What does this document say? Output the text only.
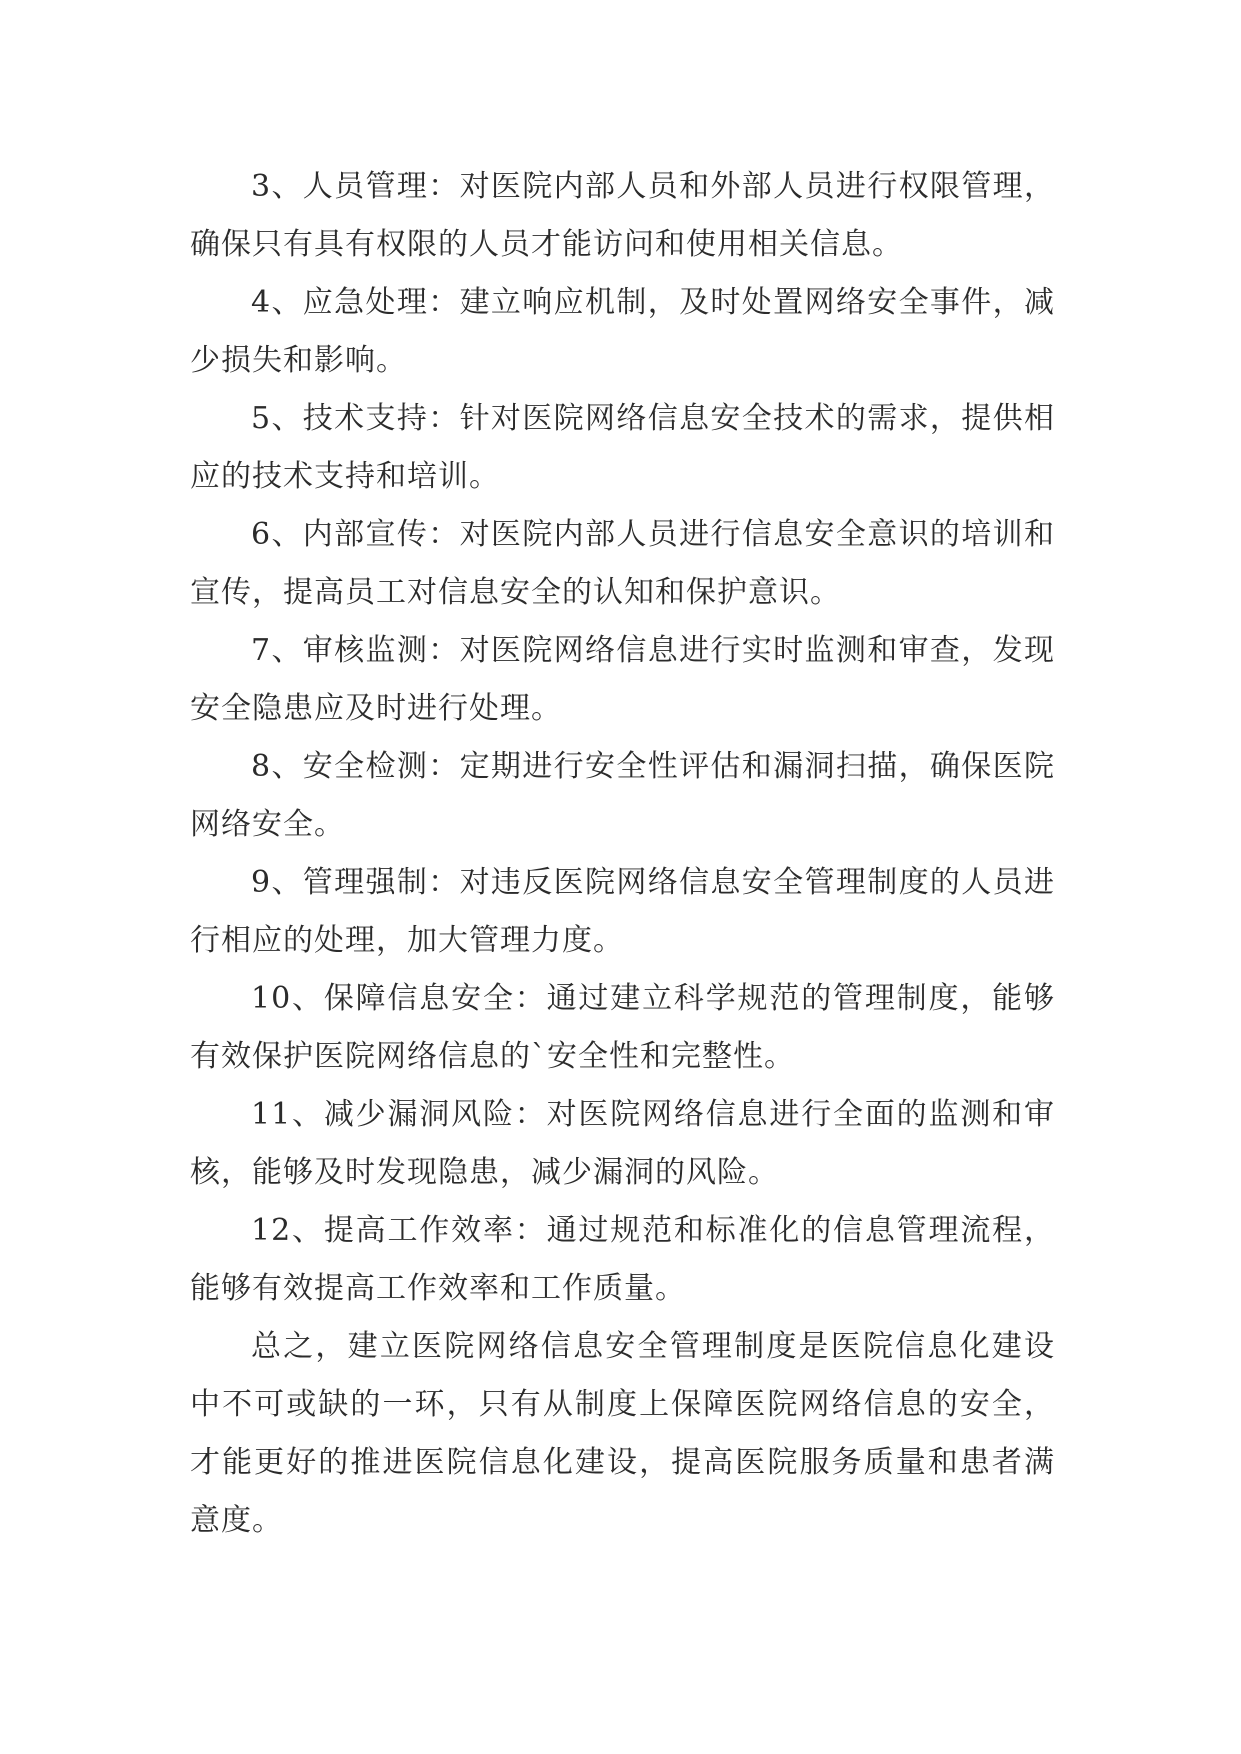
3、人员管理：对医院内部人员和外部人员进行权限管理，确保只有具有权限的人员才能访问和使用相关信息。

4、应急处理：建立响应机制，及时处置网络安全事件，减少损失和影响。

5、技术支持：针对医院网络信息安全技术的需求，提供相应的技术支持和培训。

6、内部宣传：对医院内部人员进行信息安全意识的培训和宣传，提高员工对信息安全的认知和保护意识。

7、审核监测：对医院网络信息进行实时监测和审查，发现安全隐患应及时进行处理。

8、安全检测：定期进行安全性评估和漏洞扫描，确保医院网络安全。

9、管理强制：对违反医院网络信息安全管理制度的人员进行相应的处理，加大管理力度。

10、保障信息安全：通过建立科学规范的管理制度，能够有效保护医院网络信息的`安全性和完整性。

11、减少漏洞风险：对医院网络信息进行全面的监测和审核，能够及时发现隐患，减少漏洞的风险。

12、提高工作效率：通过规范和标准化的信息管理流程，能够有效提高工作效率和工作质量。

总之，建立医院网络信息安全管理制度是医院信息化建设中不可或缺的一环，只有从制度上保障医院网络信息的安全，才能更好的推进医院信息化建设，提高医院服务质量和患者满意度。
